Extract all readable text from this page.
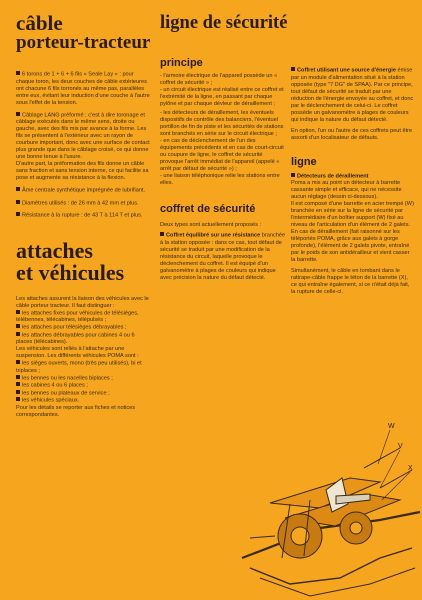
câble
porteur-tracteur

6 torons de 1 + 6 + 6 fils « Seale Lay » : pour chaque toron, les deux couches de câble extérieures ont chacune 6 fils torronés au même pas, parallèles entre eux, évitant leur induction d'une couche à l'autre sous l'effet de la tension.

Câblage LANG préformé : c'est à dire toronage et câblage exécutés dans le même sens, droite ou gauche, avec des fils mis par avance à la forme. Les fils se présentent à l'extérieur avec un rayon de courbure important, donc avec une surface de contact plus grande que dans le câblage croisé, ce qui donne une bonne tenue à l'usure.

D'autre part, la préformation des fils donne un câble sans fraction et sans tension interne, ce qui facilite sa pose et augmente sa résistance à la flexion.

Âme centrale synthétique imprégnée de lubrifiant.

Diamètres utilisés : de 26 mm à 42 mm et plus.

Résistance à la rupture : de 43 T à 114 T et plus.

attaches
et véhicules

Les attaches assurent la liaison des véhicules avec le câble porteur tracteur. Il faut distinguer :

les attaches fixes pour véhicules de télésièges, télébennes, télécabines, télépulsés ;

les attaches pour télésièges débrayables ;

les attaches débrayables pour cabines 4 ou 6 places (télécabines).

Les véhicules sont reliés à l'attache par une suspension. Les différents véhicules POMA sont :

les sièges ouverts, mono (très peu utilisés), bi et triplaces ;

les bennes ou les nacelles biplaces ;

les cabines 4 ou 6 places ;

les bennes ou plateaux de service ;

les véhicules spéciaux.

Pour les détails se reporter aux fiches et notices correspondantes.

ligne de sécurité
principe

- l'armoire électrique de l'appareil possède un « coffret de sécurité » ;

- un circuit électrique est réalisé entre ce coffret et l'extrémité de la ligne, en passant par chaque pylône et par chaque dévleur de déraillement ;

- les détecteurs de déraillement, les éventuels dispositifs de contrôle des balanciers, l'éventuel portillon de fin de piste et les sécurités de stations sont branchés en série sur le circuit électrique ;

- en cas de déclenchement de l'un des équipements précédents et en cas de court-circuit ou coupure de ligne, le coffret de sécurité provoque l'arrêt immédiat de l'appareil (appelé « arrêt par défaut de sécurité ») ;

- une liaison téléphonique relie les stations entre elles.

coffret de sécurité

Deux types sont actuellement proposés :

Coffret équilibré sur une résistance branchée à la station opposée : dans ce cas, tout défaut de sécurité se traduit par une modification de la résistance du circuit, laquelle provoque le déclenchement du coffret. Il est équipé d'un galvanomètre à plages de couleurs qui indique avec précision la nature du défaut détecté.

Coffret utilisant une source d'énergie émise par un module d'alimentation situé à la station opposée (type "7 DG" de SPAA). Par ce principe, tout défaut de sécurité se traduit par une réduction de l'énergie envoyée au coffret, et donc par le déclenchement de celui-ci. Le coffret possède un galvanomètre à plages de couleurs qui indique la nature du défaut détecté.

En option, l'un ou l'autre de ces coffrets peut être assorti d'un localisateur de défauts.

ligne

Détecteurs de déraillement

Poma a mis au point un détecteur à barrette cassante simple et efficace, qui ne nécessite aucun réglage (dessin ci-dessous).

Il est composé d'une barrette en acier trempé (W) branchée en série sur la ligne de sécurité par l'intermédiaire d'un boîtier support (W) fixé au niveau de l'articulation d'un élément de 2 galets. En cas de déraillement (fait raisonné sur les téléportés POMA, grâce aux galets à gorge profonde), l'élément de 2 galets pivote, entraîné par le poids de son antidérailleur et vient casser la barrette.

Simultanément, le câble en tombant dans le rattrape-câble frappe le téton de la barrette (X), ce qui entraîne également, si ce n'était déjà fait, la rupture de celle-ci.

W
V
X
